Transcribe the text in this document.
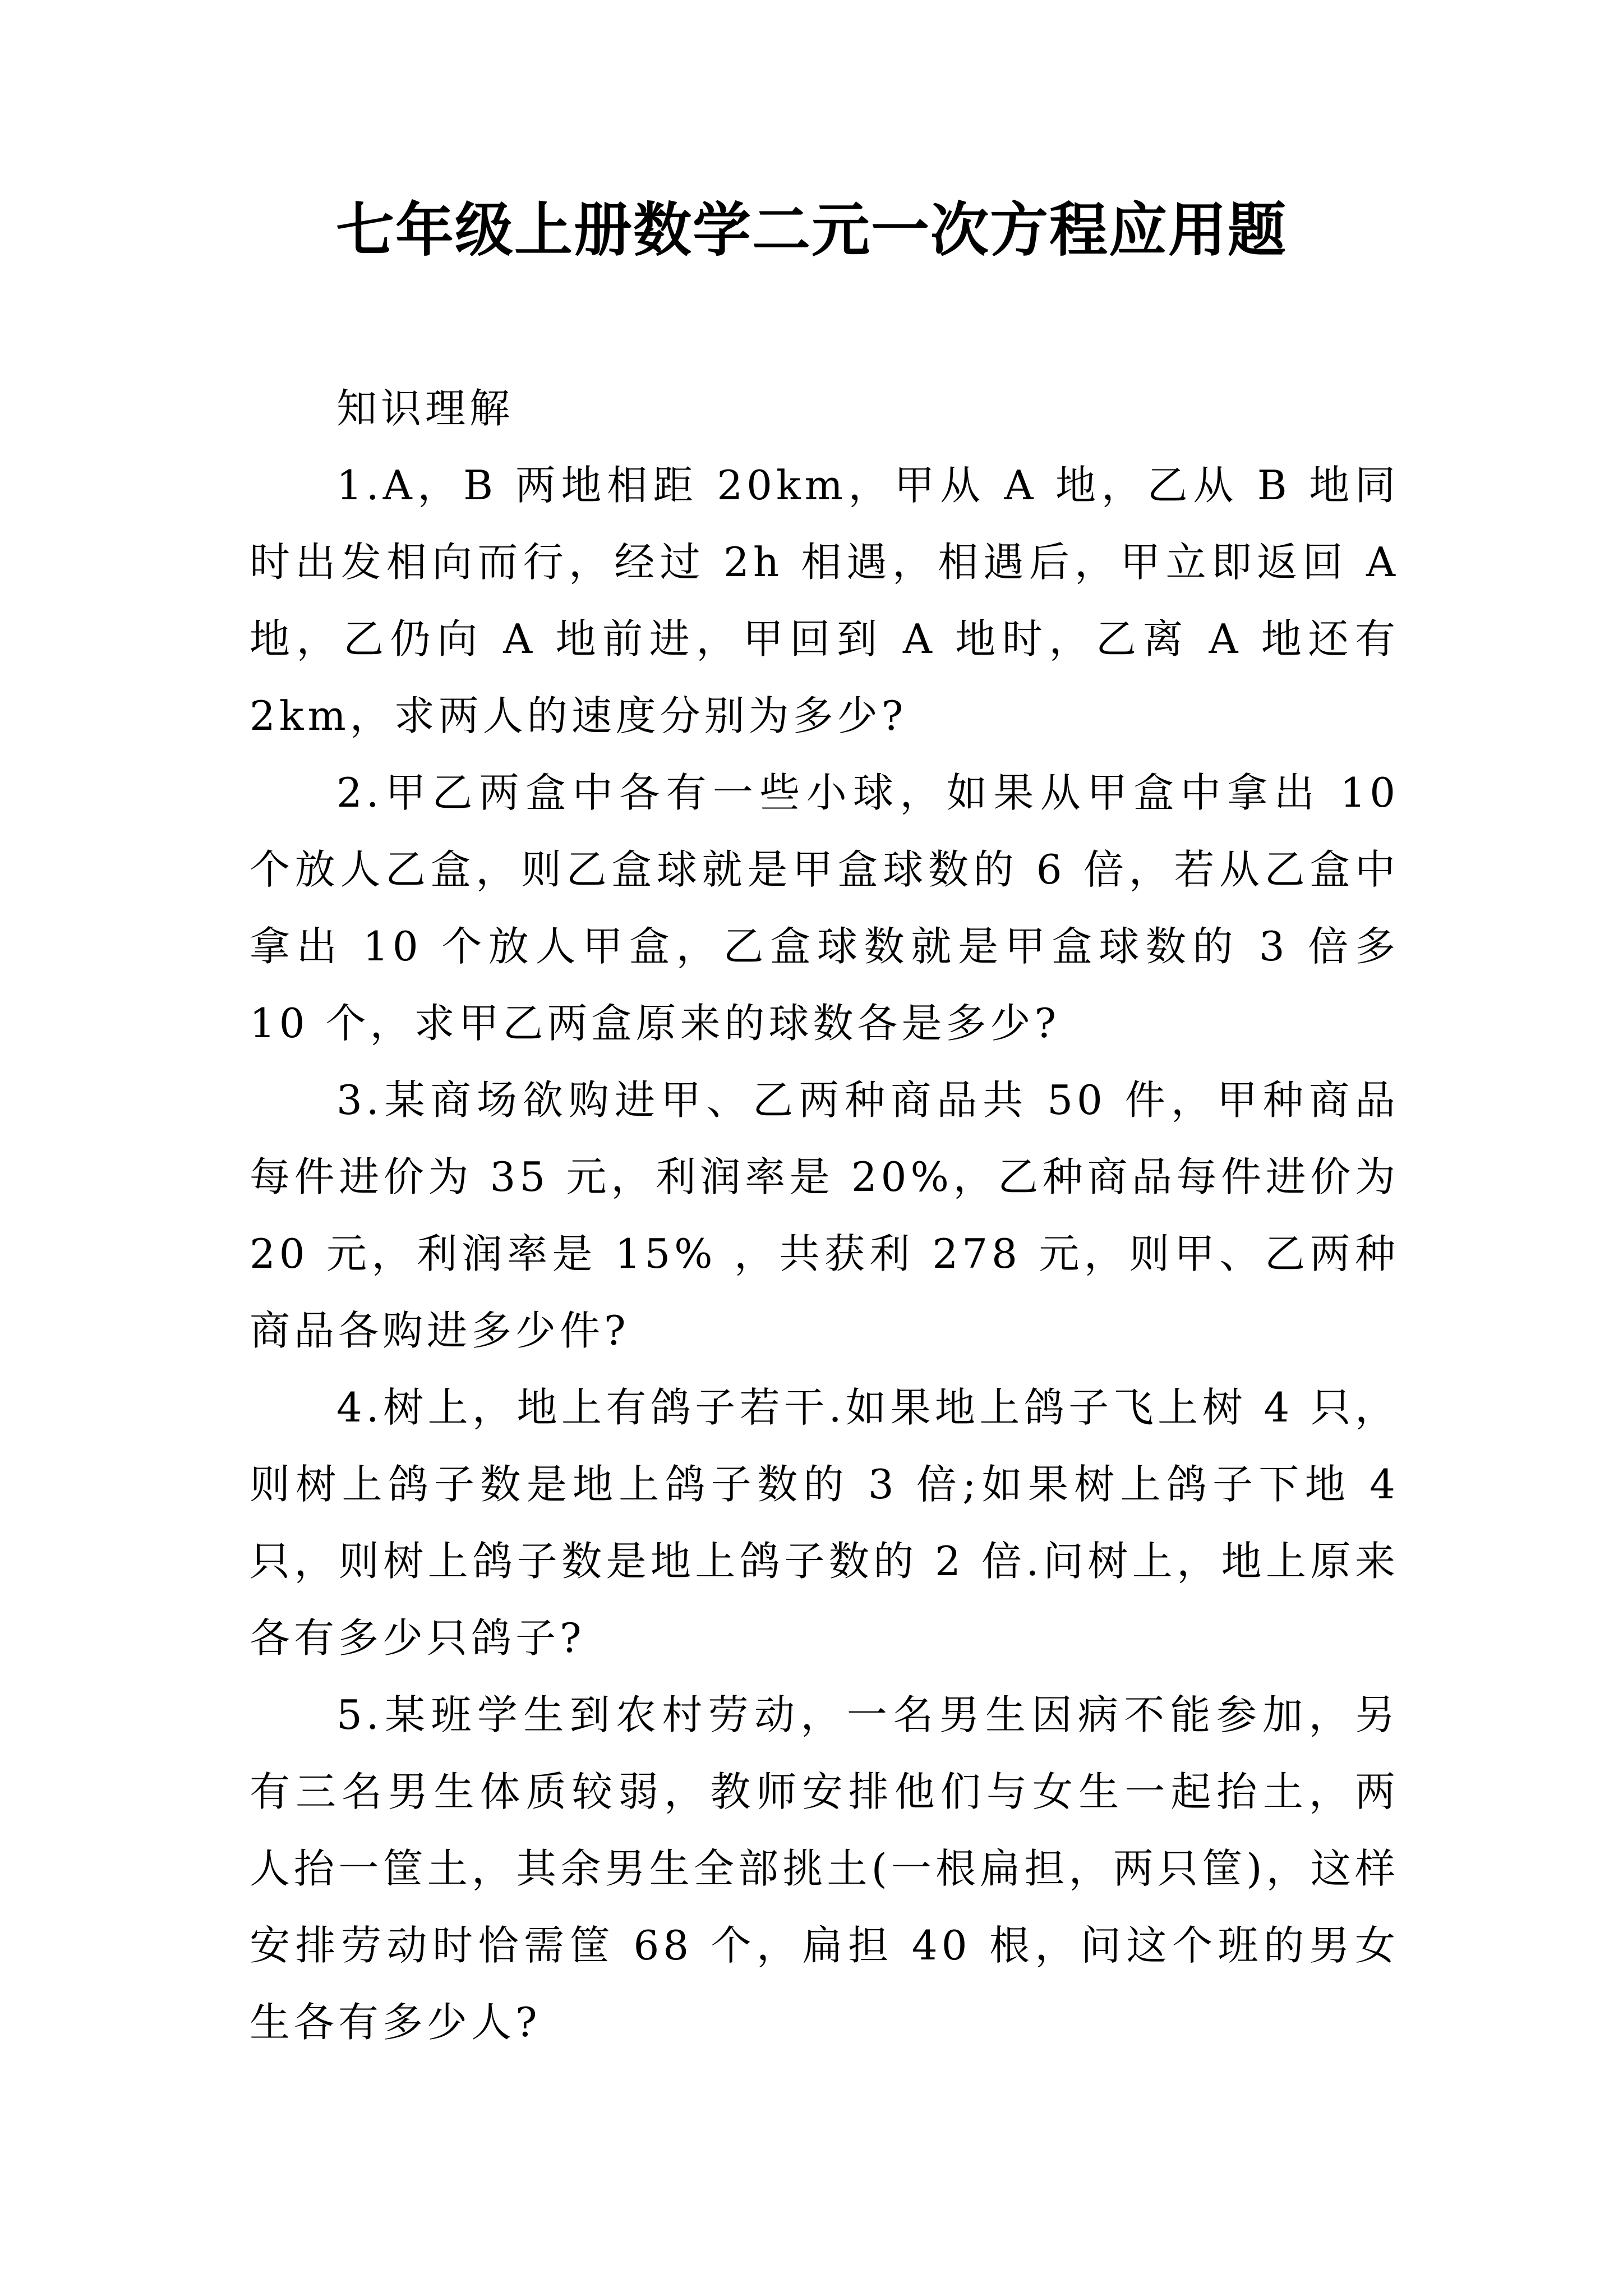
七年级上册数学二元一次方程应用题

知识理解

1.A，B 两地相距 20km，甲从 A 地，乙从 B 地同时出发相向而行，经过 2h 相遇，相遇后，甲立即返回 A 地，乙仍向 A 地前进，甲回到 A 地时，乙离 A 地还有 2km，求两人的速度分别为多少?

2.甲乙两盒中各有一些小球，如果从甲盒中拿出 10 个放人乙盒，则乙盒球就是甲盒球数的 6 倍，若从乙盒中拿出 10 个放人甲盒，乙盒球数就是甲盒球数的 3 倍多 10 个，求甲乙两盒原来的球数各是多少?

3.某商场欲购进甲、乙两种商品共 50 件，甲种商品每件进价为 35 元，利润率是 20%，乙种商品每件进价为 20 元，利润率是 15% ，共获利 278 元，则甲、乙两种商品各购进多少件?

4.树上，地上有鸽子若干.如果地上鸽子飞上树 4 只，则树上鸽子数是地上鸽子数的 3 倍;如果树上鸽子下地 4 只，则树上鸽子数是地上鸽子数的 2 倍.问树上，地上原来各有多少只鸽子?

5.某班学生到农村劳动，一名男生因病不能参加，另有三名男生体质较弱，教师安排他们与女生一起抬土，两人抬一筐土，其余男生全部挑土(一根扁担，两只筐)，这样安排劳动时恰需筐 68 个，扁担 40 根，问这个班的男女生各有多少人?
